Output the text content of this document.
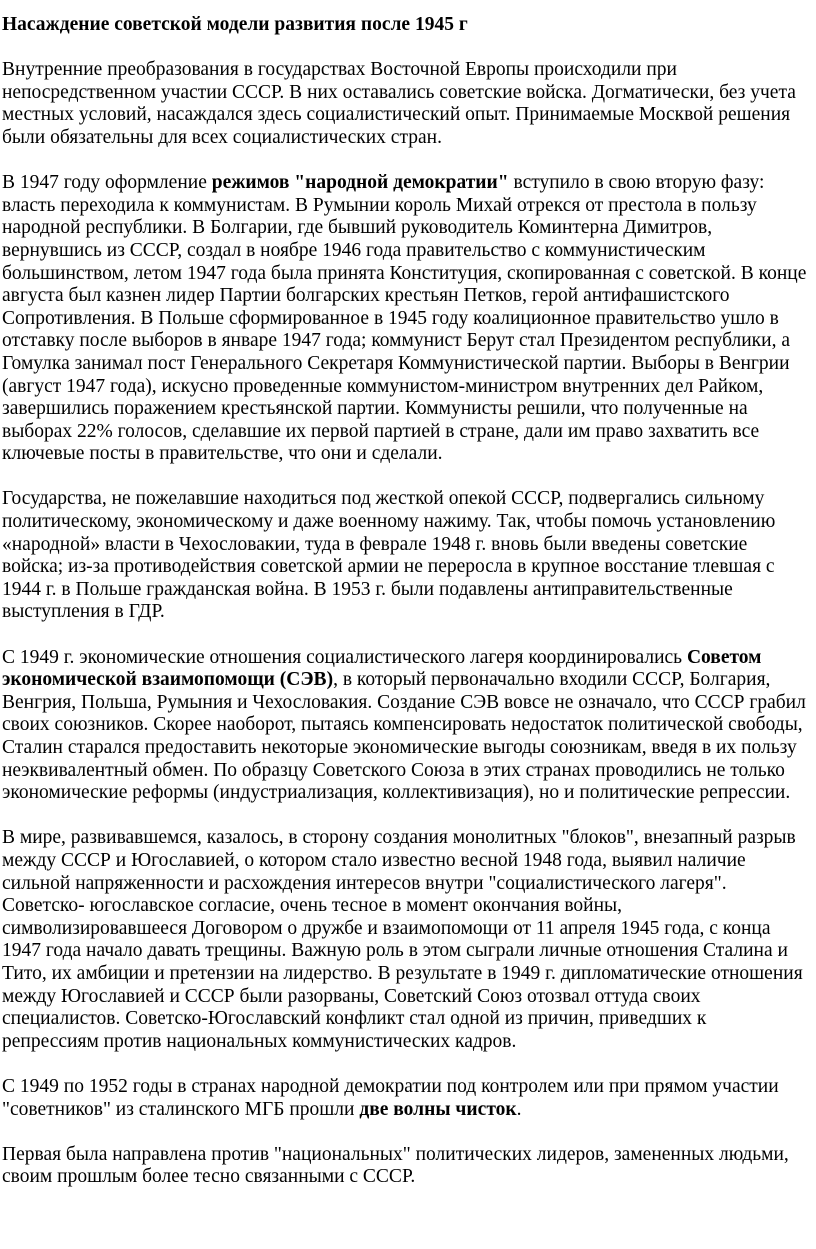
Насаждение советской модели развития после 1945 г
Внутренние преобразования в государствах Восточной Европы происходили при непосредственном участии СССР. В них оставались советские войска. Догматически, без учета местных условий, насаждался здесь социалистический опыт. Принимаемые Москвой решения были обязательны для всех социалистических стран.
В 1947 году оформление режимов "народной демократии" вступило в свою вторую фазу: власть переходила к коммунистам. В Румынии король Михай отрекся от престола в пользу народной республики. В Болгарии, где бывший руководитель Коминтерна Димитров, вернувшись из СССР, создал в ноябре 1946 года правительство с коммунистическим большинством, летом 1947 года была принята Конституция, скопированная с советской. В конце августа был казнен лидер Партии болгарских крестьян Петков, герой антифашистского Сопротивления. В Польше сформированное в 1945 году коалиционное правительство ушло в отставку после выборов в январе 1947 года; коммунист Берут стал Президентом республики, а Гомулка занимал пост Генерального Секретаря Коммунистической партии. Выборы в Венгрии (август 1947 года), искусно проведенные коммунистом-министром внутренних дел Райком, завершились поражением крестьянской партии. Коммунисты решили, что полученные на выборах 22% голосов, сделавшие их первой партией в стране, дали им право захватить все ключевые посты в правительстве, что они и сделали.
Государства, не пожелавшие находиться под жесткой опекой СССР, подвергались сильному политическому, экономическому и даже военному нажиму. Так, чтобы помочь установлению «народной» власти в Чехословакии, туда в феврале 1948 г. вновь были введены советские войска; из-за противодействия советской армии не переросла в крупное восстание тлевшая с 1944 г. в Польше гражданская война. В 1953 г. были подавлены антиправительственные выступления в ГДР.
С 1949 г. экономические отношения социалистического лагеря координировались Советом экономической взаимопомощи (СЭВ), в который первоначально входили СССР, Болгария, Венгрия, Польша, Румыния и Чехословакия. Создание СЭВ вовсе не означало, что СССР грабил своих союзников. Скорее наоборот, пытаясь компенсировать недостаток политической свободы, Сталин старался предоставить некоторые экономические выгоды союзникам, введя в их пользу неэквивалентный обмен. По образцу Советского Союза в этих странах проводились не только экономические реформы (индустриализация, коллективизация), но и политические репрессии.
В мире, развивавшемся, казалось, в сторону создания монолитных "блоков", внезапный разрыв между СССР и Югославией, о котором стало известно весной 1948 года, выявил наличие сильной напряженности и расхождения интересов внутри "социалистического лагеря". Советско- югославское согласие, очень тесное в момент окончания войны, символизировавшееся Договором о дружбе и взаимопомощи от 11 апреля 1945 года, с конца 1947 года начало давать трещины. Важную роль в этом сыграли личные отношения Сталина и Тито, их амбиции и претензии на лидерство. В результате в 1949 г. дипломатические отношения между Югославией и СССР были разорваны, Советский Союз отозвал оттуда своих специалистов. Советско-Югославский конфликт стал одной из причин, приведших к репрессиям против национальных коммунистических кадров.
С 1949 по 1952 годы в странах народной демократии под контролем или при прямом участии "советников" из сталинского МГБ прошли две волны чисток.
Первая была направлена против "национальных" политических лидеров, замененных людьми, своим прошлым более тесно связанными с СССР.
